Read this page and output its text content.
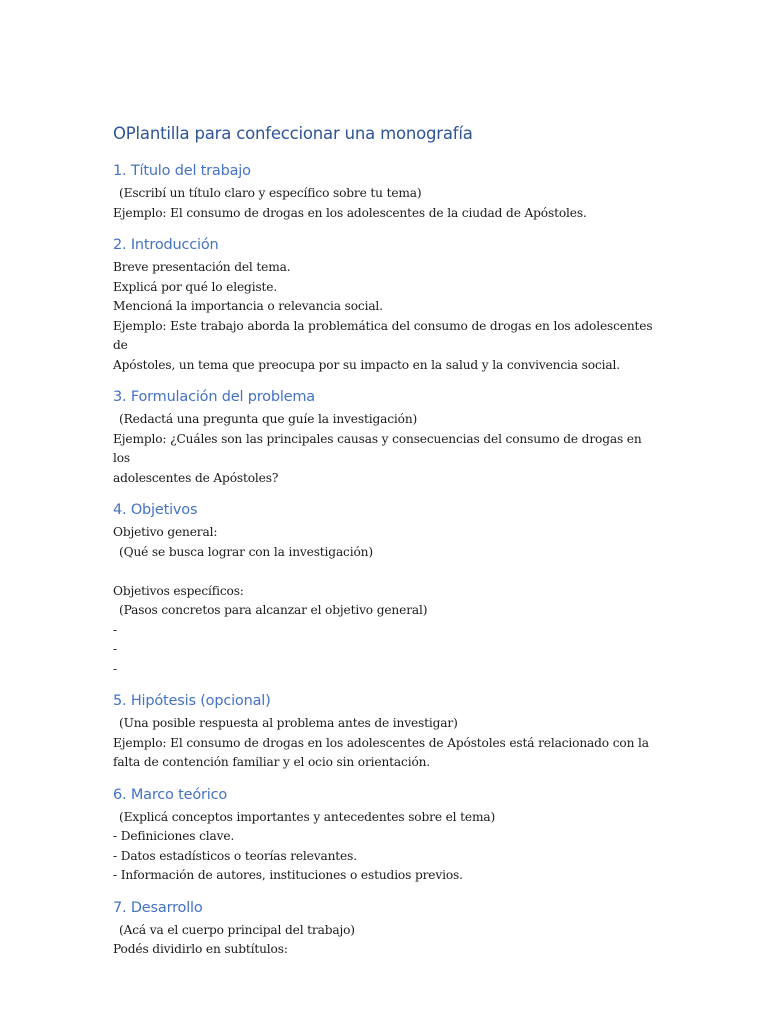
OPlantilla para confeccionar una monografía
1. Título del trabajo
(Escribí un título claro y específico sobre tu tema)
Ejemplo: El consumo de drogas en los adolescentes de la ciudad de Apóstoles.
2. Introducción
Breve presentación del tema.
Explicá por qué lo elegiste.
Mencioná la importancia o relevancia social.
Ejemplo: Este trabajo aborda la problemática del consumo de drogas en los adolescentes de
Apóstoles, un tema que preocupa por su impacto en la salud y la convivencia social.
3. Formulación del problema
(Redactá una pregunta que guíe la investigación)
Ejemplo: ¿Cuáles son las principales causas y consecuencias del consumo de drogas en los
adolescentes de Apóstoles?
4. Objetivos
Objetivo general:
(Qué se busca lograr con la investigación)
Objetivos específicos:
(Pasos concretos para alcanzar el objetivo general)
-
-
-
5. Hipótesis (opcional)
(Una posible respuesta al problema antes de investigar)
Ejemplo: El consumo de drogas en los adolescentes de Apóstoles está relacionado con la
falta de contención familiar y el ocio sin orientación.
6. Marco teórico
(Explicá conceptos importantes y antecedentes sobre el tema)
- Definiciones clave.
- Datos estadísticos o teorías relevantes.
- Información de autores, instituciones o estudios previos.
7. Desarrollo
(Acá va el cuerpo principal del trabajo)
Podés dividirlo en subtítulos:
